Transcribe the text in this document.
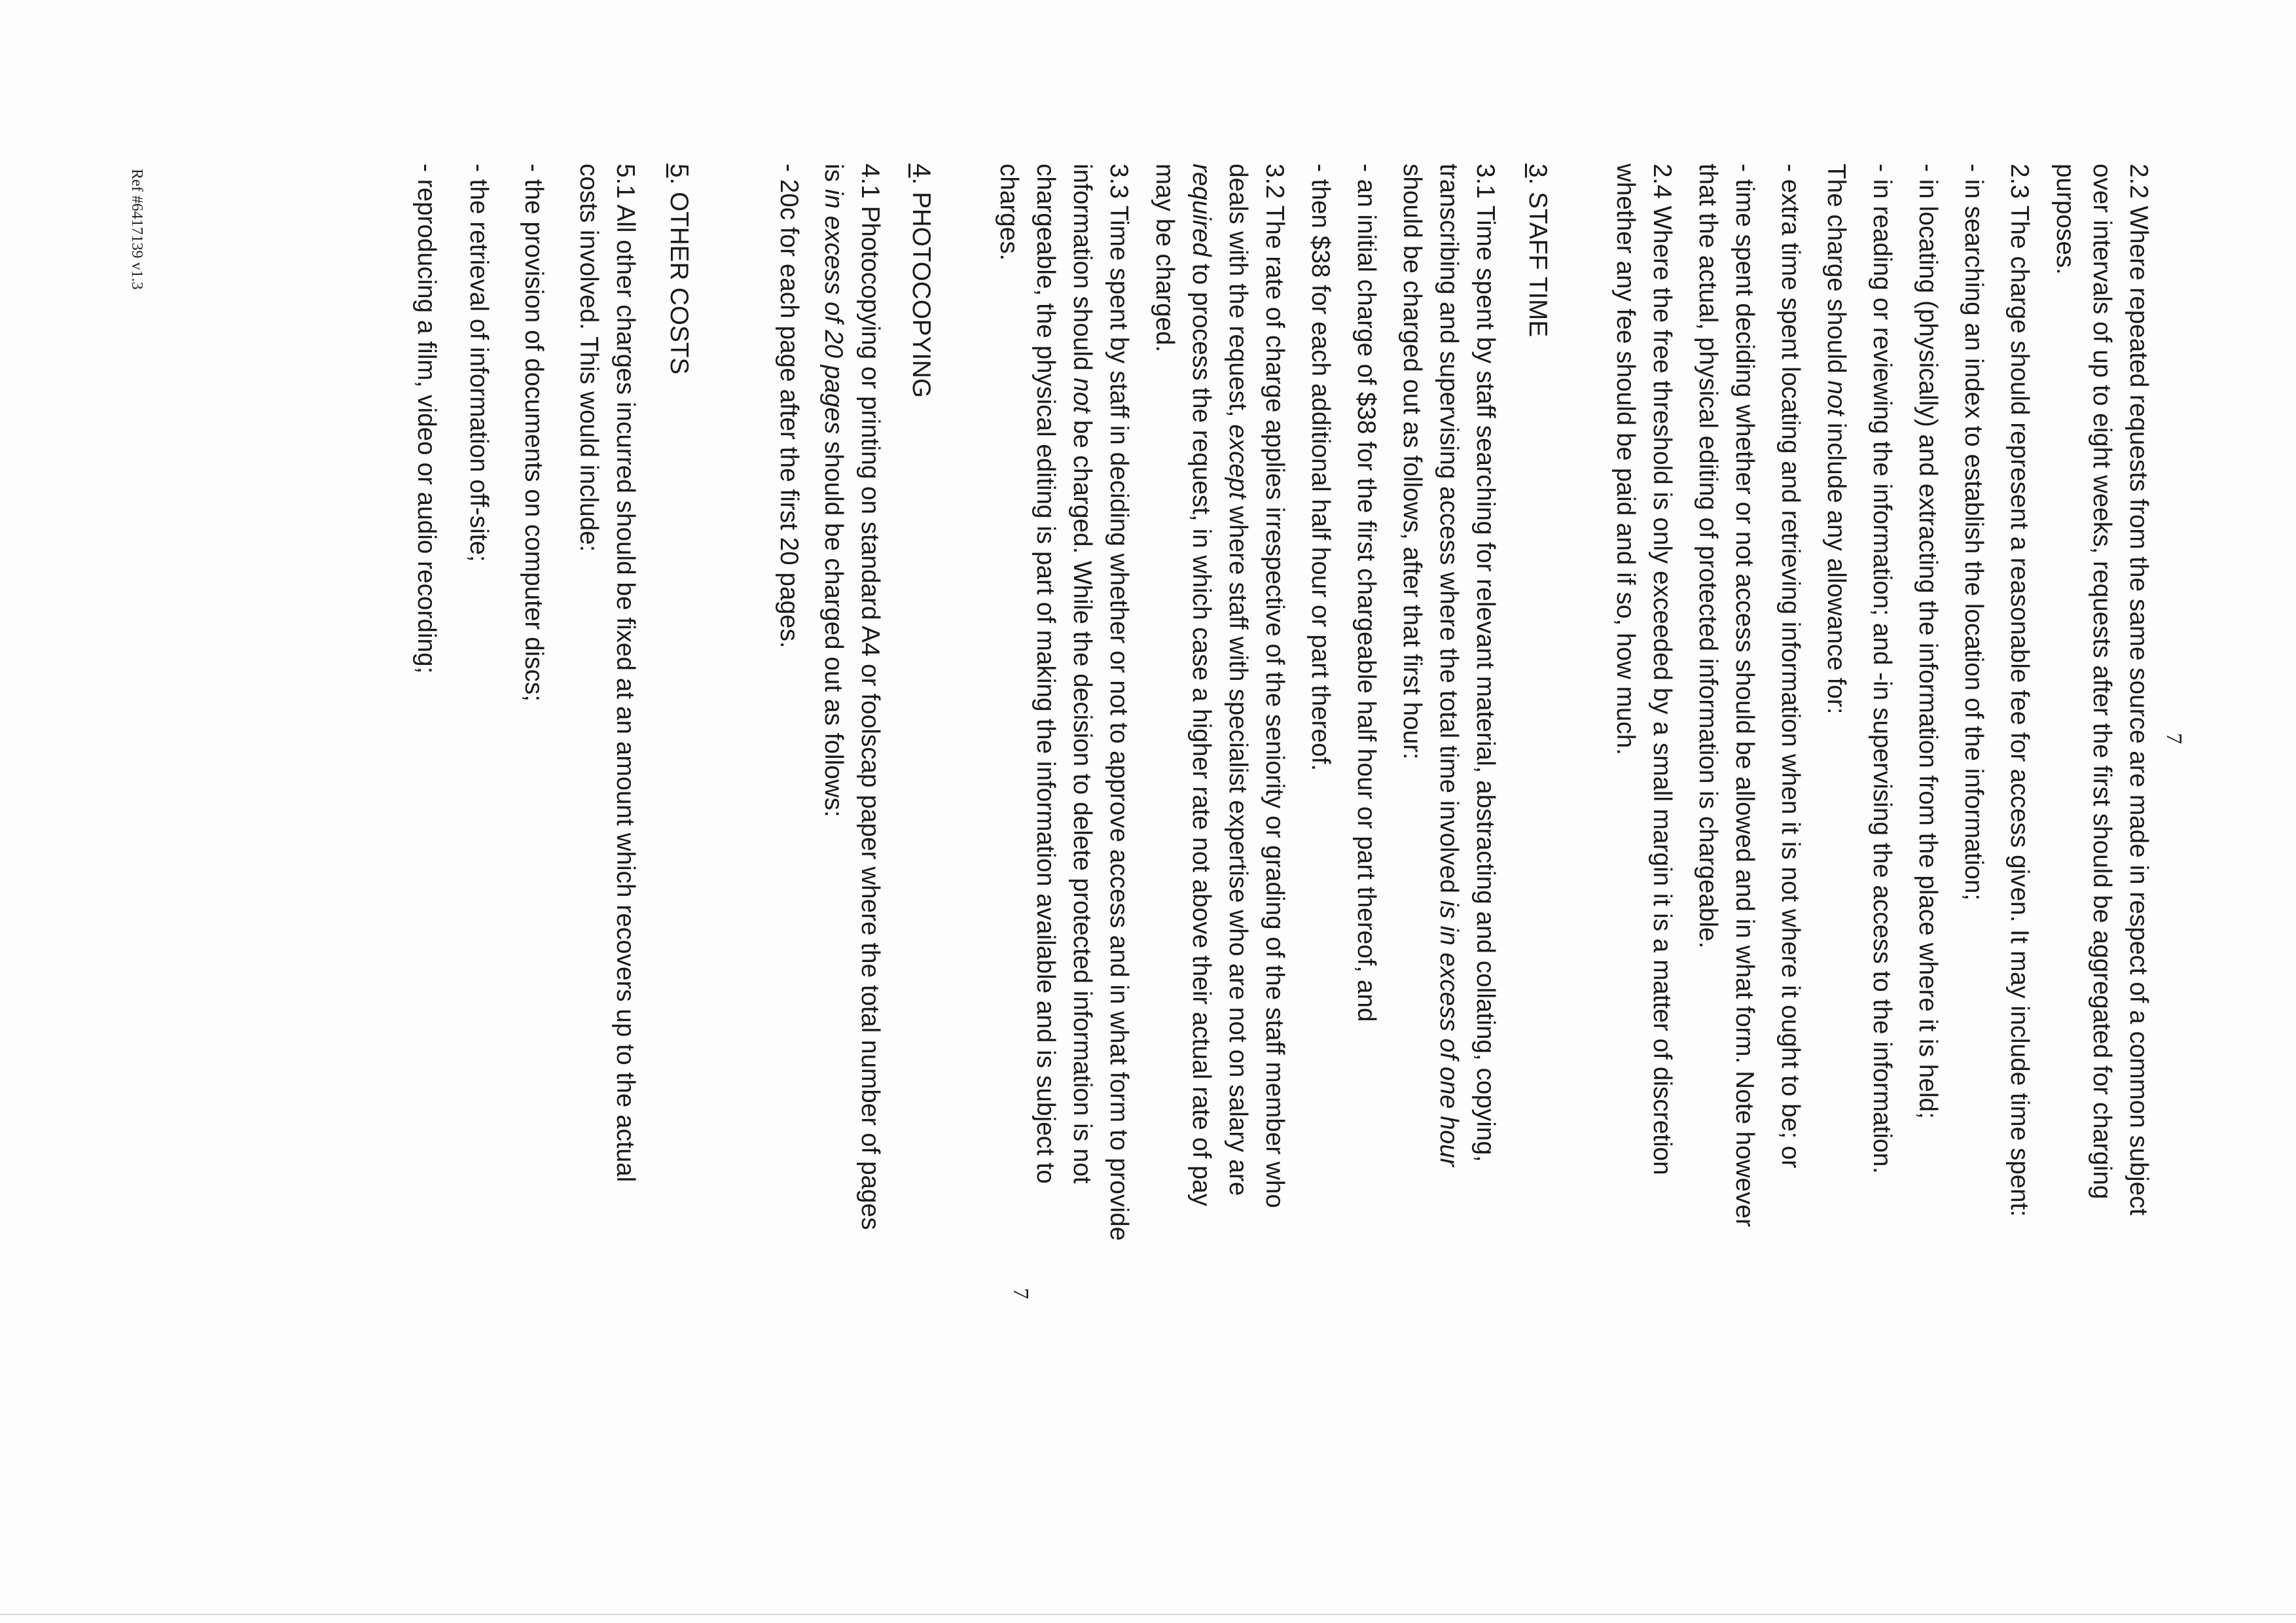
7
7
Ref #6417139 v1.3	2.2 Where repeated requests from the same source are made in respect of a common subject
over intervals of up to eight weeks, requests after the first should be aggregated for charging
purposes.
2.3 The charge should represent a reasonable fee for access given. It may include time spent:
- in searching an index to establish the location of the information;
- in locating (physically) and extracting the information from the place where it is held;
- in reading or reviewing the information; and -in supervising the access to the information.
The charge should not include any allowance for:
- extra time spent locating and retrieving information when it is not where it ought to be; or
- time spent deciding whether or not access should be allowed and in what form. Note however
that the actual, physical editing of protected information is chargeable.
2.4 Where the free threshold is only exceeded by a small margin it is a matter of discretion
whether any fee should be paid and if so, how much.
3. STAFF TIME
3.1 Time spent by staff searching for relevant material, abstracting and collating, copying,
transcribing and supervising access where the total time involved is in excess of one hour
should be charged out as follows, after that first hour:
- an initial charge of $38 for the first chargeable half hour or part thereof, and
- then $38 for each additional half hour or part thereof.
3.2 The rate of charge applies irrespective of the seniority or grading of the staff member who
deals with the request, except where staff with specialist expertise who are not on salary are
required to process the request, in which case a higher rate not above their actual rate of pay
may be charged.
3.3 Time spent by staff in deciding whether or not to approve access and in what form to provide
information should not be charged. While the decision to delete protected information is not
chargeable, the physical editing is part of making the information available and is subject to
charges.
4. PHOTOCOPYING
4.1 Photocopying or printing on standard A4 or foolscap paper where the total number of pages
is in excess of 20 pages should be charged out as follows:
- 20c for each page after the first 20 pages.
5. OTHER COSTS
5.1 All other charges incurred should be fixed at an amount which recovers up to the actual
costs involved. This would include:
- the provision of documents on computer discs;
- the retrieval of information off-site;
- reproducing a film, video or audio recording;
